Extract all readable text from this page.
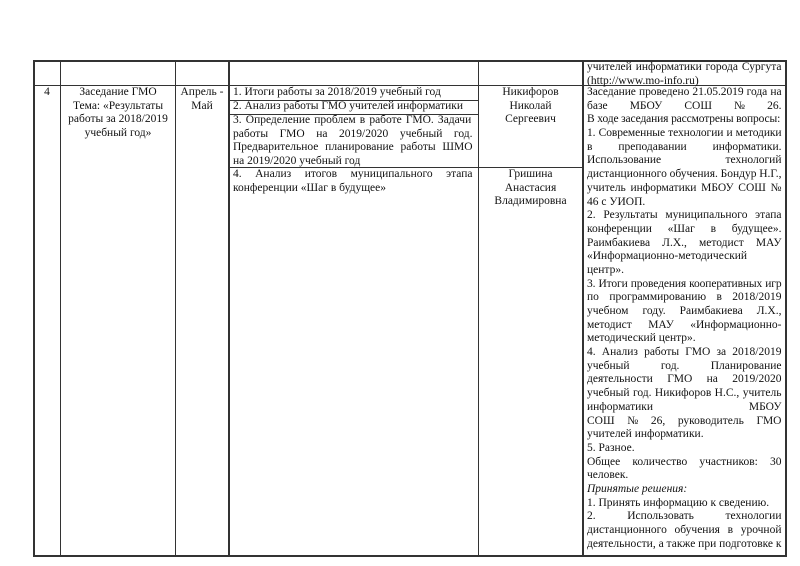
учителей информатики города Сургута
(http://www.mo-info.ru)
4	Заседание ГМО
Тема: «Результаты
работы за 2018/2019
учебный год»
Апрель -
Май
1. Итоги работы за 2018/2019 учебный год
2. Анализ работы ГМО учителей информатики
3. Определение проблем в работе ГМО. Задачи
работы ГМО на 2019/2020 учебный год.
Предварительное планирование работы ШМО
на 2019/2020 учебный год
4. Анализ итогов муниципального этапа
конференции «Шаг в будущее»
Никифоров
Николай
Сергеевич
Гришина
Анастасия
Владимировна
Заседание проведено 21.05.2019 года на
базе МБОУ СОШ № 26.
В ходе заседания рассмотрены вопросы:
1. Современные технологии и методики
в преподавании информатики.
Использование технологий
дистанционного обучения. Бондур Н.Г.,
учитель информатики МБОУ СОШ №
46 с УИОП.
2. Результаты муниципального этапа
конференции «Шаг в будущее».
Раимбакиева Л.Х., методист МАУ
«Информационно-методический
центр».
3. Итоги проведения кооперативных игр
по программированию в 2018/2019
учебном году. Раимбакиева Л.Х.,
методист МАУ «Информационно-
методический центр».
4. Анализ работы ГМО за 2018/2019
учебный год. Планирование
деятельности ГМО на 2019/2020
учебный год. Никифоров Н.С., учитель
информатики МБОУ
СОШ № 26, руководитель ГМО
учителей информатики.
5. Разное.
Общее количество участников: 30
человек.
Принятые решения:
1. Принять информацию к сведению.
2. Использовать технологии
дистанционного обучения в урочной
деятельности, а также при подготовке к
